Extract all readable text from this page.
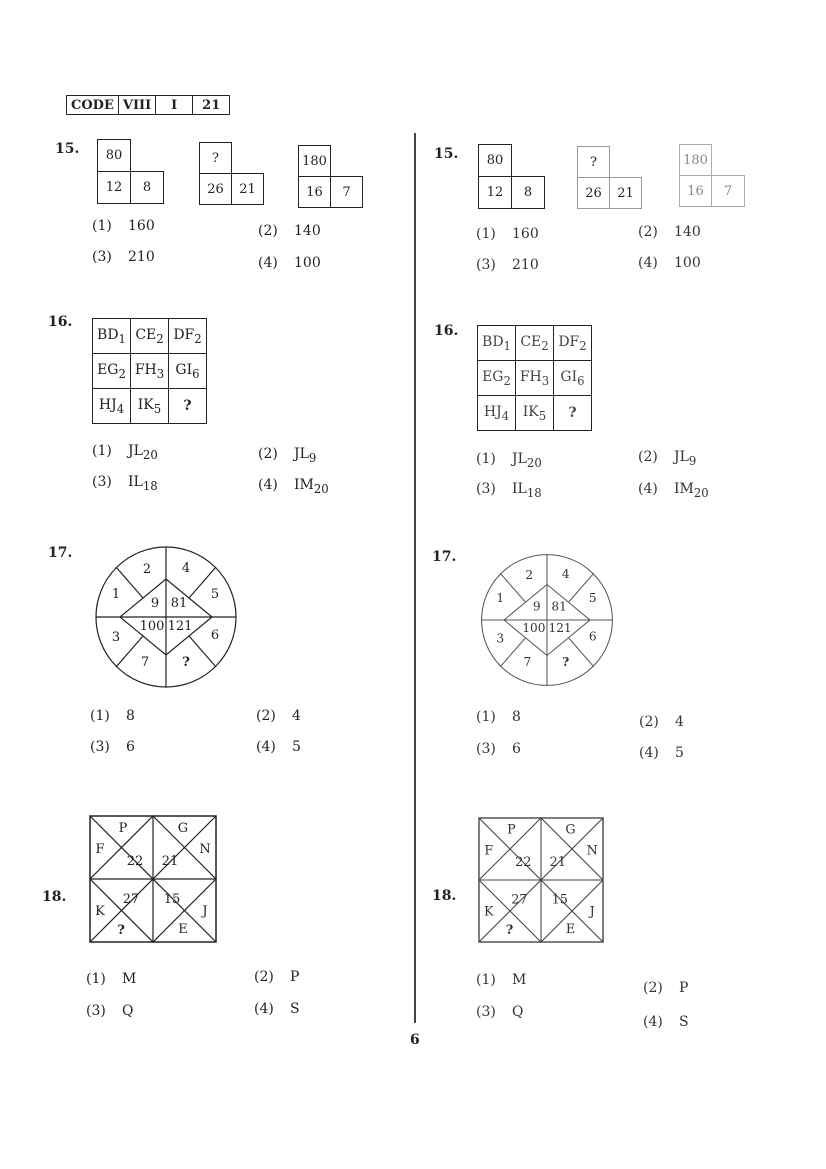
CODE	VIII	I	21
15.	80
12	8
?
26	21
180
16	7
(1) 160	(2) 140
(3) 210	(4) 100
16.
$BD_1$	$CE_2$	$DF_2$
$EG_2$	$FH_3$	$GI_6$
$HJ_4$	$IK_5$	?
(1) $JL_{20}$	(2) $JL_9$
(3) $IL_{18}$	(4) $IM_{20}$
17.
2 4
1	5
3	6
7	?
9 81
100 121
(1) 8	(2) 4
(3) 6	(4) 5
18.
P	G
F	N
K	J
?	E
22 21
27 15
(1) M	(2) P
(3) Q	(4) S
15.	80
12	8
?
26	21
180
16	7
(1) 160	(2) 140
(3) 210	(4) 100
16.
$BD_1$	$CE_2$	$DF_2$
$EG_2$	$FH_3$	$GI_6$
$HJ_4$	$IK_5$	?
(1) $JL_{20}$	(2) $JL_9$
(3) $IL_{18}$	(4) $IM_{20}$
17.
2 4
1	5
3	6
7 ?
9 81
100 121
(1) 8	(2) 4
(3) 6	(4) 5
18.
P	G
F	N
K	J
?	E
22 21
27 15
(1) M	(2) P
(3) Q
(4) S
6
